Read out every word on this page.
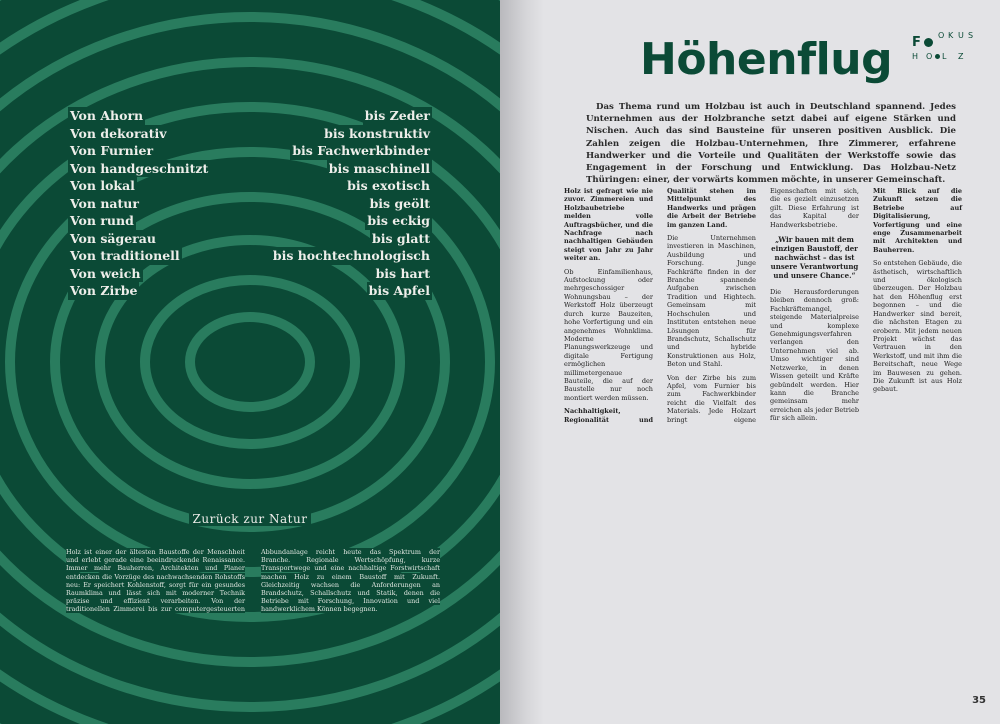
Von Ahorn	bis Zeder
Von dekorativ	bis konstruktiv
Von Furnier	bis Fachwerkbinder
Von handgeschnitzt	bis maschinell
Von lokal	bis exotisch
Von natur	bis geölt
Von rund	bis eckig
Von sägerau	bis glatt
Von traditionell	bis hochtechnologisch
Von weich	bis hart
Von Zirbe	bis Apfel
Zurück zur Natur
Holz ist einer der ältesten Baustoffe der Menschheit und erlebt gerade eine beeindruckende Renaissance. Immer mehr Bauherren, Architekten und Planer entdecken die Vorzüge des nachwachsenden Rohstoffs neu: Er speichert Kohlenstoff, sorgt für ein gesundes Raumklima und lässt sich mit moderner Technik präzise und effizient verarbeiten. Von der traditionellen Zimmerei bis zur computergesteuerten Abbundanlage reicht heute das Spektrum der Branche. Regionale Wertschöpfung, kurze Transportwege und eine nachhaltige Forstwirtschaft machen Holz zu einem Baustoff mit Zukunft. Gleichzeitig wachsen die Anforderungen an Brandschutz, Schallschutz und Statik, denen die Betriebe mit Forschung, Innovation und viel handwerklichem Können begegnen.
Höhenflug F O K U S
H O L Z

Das Thema rund um Holzbau ist auch in Deutschland spannend. Jedes Unternehmen aus der Holzbranche setzt dabei auf eigene Stärken und Nischen. Auch das sind Bausteine für unseren positiven Ausblick. Die Zahlen zeigen die Holzbau-Unternehmen, Ihre Zimmerer, erfahrene Handwerker und die Vorteile und Qualitäten der Werkstoffe sowie das Engagement in der Forschung und Entwicklung. Das Holzbau-Netz Thüringen: einer, der vorwärts kommen möchte, in unserer Gemeinschaft.

Holz ist gefragt wie nie zuvor. Zimmereien und Holzbaubetriebe melden volle Auftragsbücher, und die Nachfrage nach nachhaltigen Gebäuden steigt von Jahr zu Jahr weiter an.

Ob Einfamilienhaus, Aufstockung oder mehrgeschossiger Wohnungsbau – der Werkstoff Holz überzeugt durch kurze Bauzeiten, hohe Vorfertigung und ein angenehmes Wohnklima. Moderne Planungswerkzeuge und digitale Fertigung ermöglichen millimetergenaue Bauteile, die auf der Baustelle nur noch montiert werden müssen.

Nachhaltigkeit, Regionalität und Qualität stehen im Mittelpunkt des Handwerks und prägen die Arbeit der Betriebe im ganzen Land.

Die Unternehmen investieren in Maschinen, Ausbildung und Forschung. Junge Fachkräfte finden in der Branche spannende Aufgaben zwischen Tradition und Hightech. Gemeinsam mit Hochschulen und Instituten entstehen neue Lösungen für Brandschutz, Schallschutz und hybride Konstruktionen aus Holz, Beton und Stahl.

Von der Zirbe bis zum Apfel, vom Furnier bis zum Fachwerkbinder reicht die Vielfalt des Materials. Jede Holzart bringt eigene Eigenschaften mit sich, die es gezielt einzusetzen gilt. Diese Erfahrung ist das Kapital der Handwerksbetriebe.

„Wir bauen mit dem einzigen Baustoff, der nachwächst – das ist unsere Verantwortung und unsere Chance.“

Die Herausforderungen bleiben dennoch groß: Fachkräftemangel, steigende Materialpreise und komplexe Genehmigungsverfahren verlangen den Unternehmen viel ab. Umso wichtiger sind Netzwerke, in denen Wissen geteilt und Kräfte gebündelt werden. Hier kann die Branche gemeinsam mehr erreichen als jeder Betrieb für sich allein.

Mit Blick auf die Zukunft setzen die Betriebe auf Digitalisierung, Vorfertigung und eine enge Zusammenarbeit mit Architekten und Bauherren.

So entstehen Gebäude, die ästhetisch, wirtschaftlich und ökologisch überzeugen. Der Holzbau hat den Höhenflug erst begonnen – und die Handwerker sind bereit, die nächsten Etagen zu erobern. Mit jedem neuen Projekt wächst das Vertrauen in den Werkstoff, und mit ihm die Bereitschaft, neue Wege im Bauwesen zu gehen. Die Zukunft ist aus Holz gebaut.

35
